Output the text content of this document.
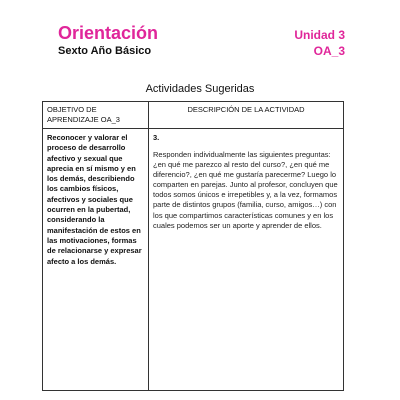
Orientación
Sexto Año Básico
Unidad 3
OA_3
Actividades Sugeridas
OBJETIVO DE APRENDIZAJE OA_3
DESCRIPCIÓN DE LA ACTIVIDAD
Reconocer y valorar el proceso de desarrollo afectivo y sexual que aprecia en sí mismo y en los demás, describiendo los cambios físicos, afectivos y sociales que ocurren en la pubertad, considerando la manifestación de estos en las motivaciones, formas de relacionarse y expresar afecto a los demás.
3.
Responden individualmente las siguientes preguntas: ¿en qué me parezco al resto del curso?, ¿en qué me diferencio?, ¿en qué me gustaría parecerme? Luego lo comparten en parejas. Junto al profesor, concluyen que todos somos únicos e irrepetibles y, a la vez, formamos parte de distintos grupos (familia, curso, amigos…) con los que compartimos características comunes y en los cuales podemos ser un aporte y aprender de ellos.
